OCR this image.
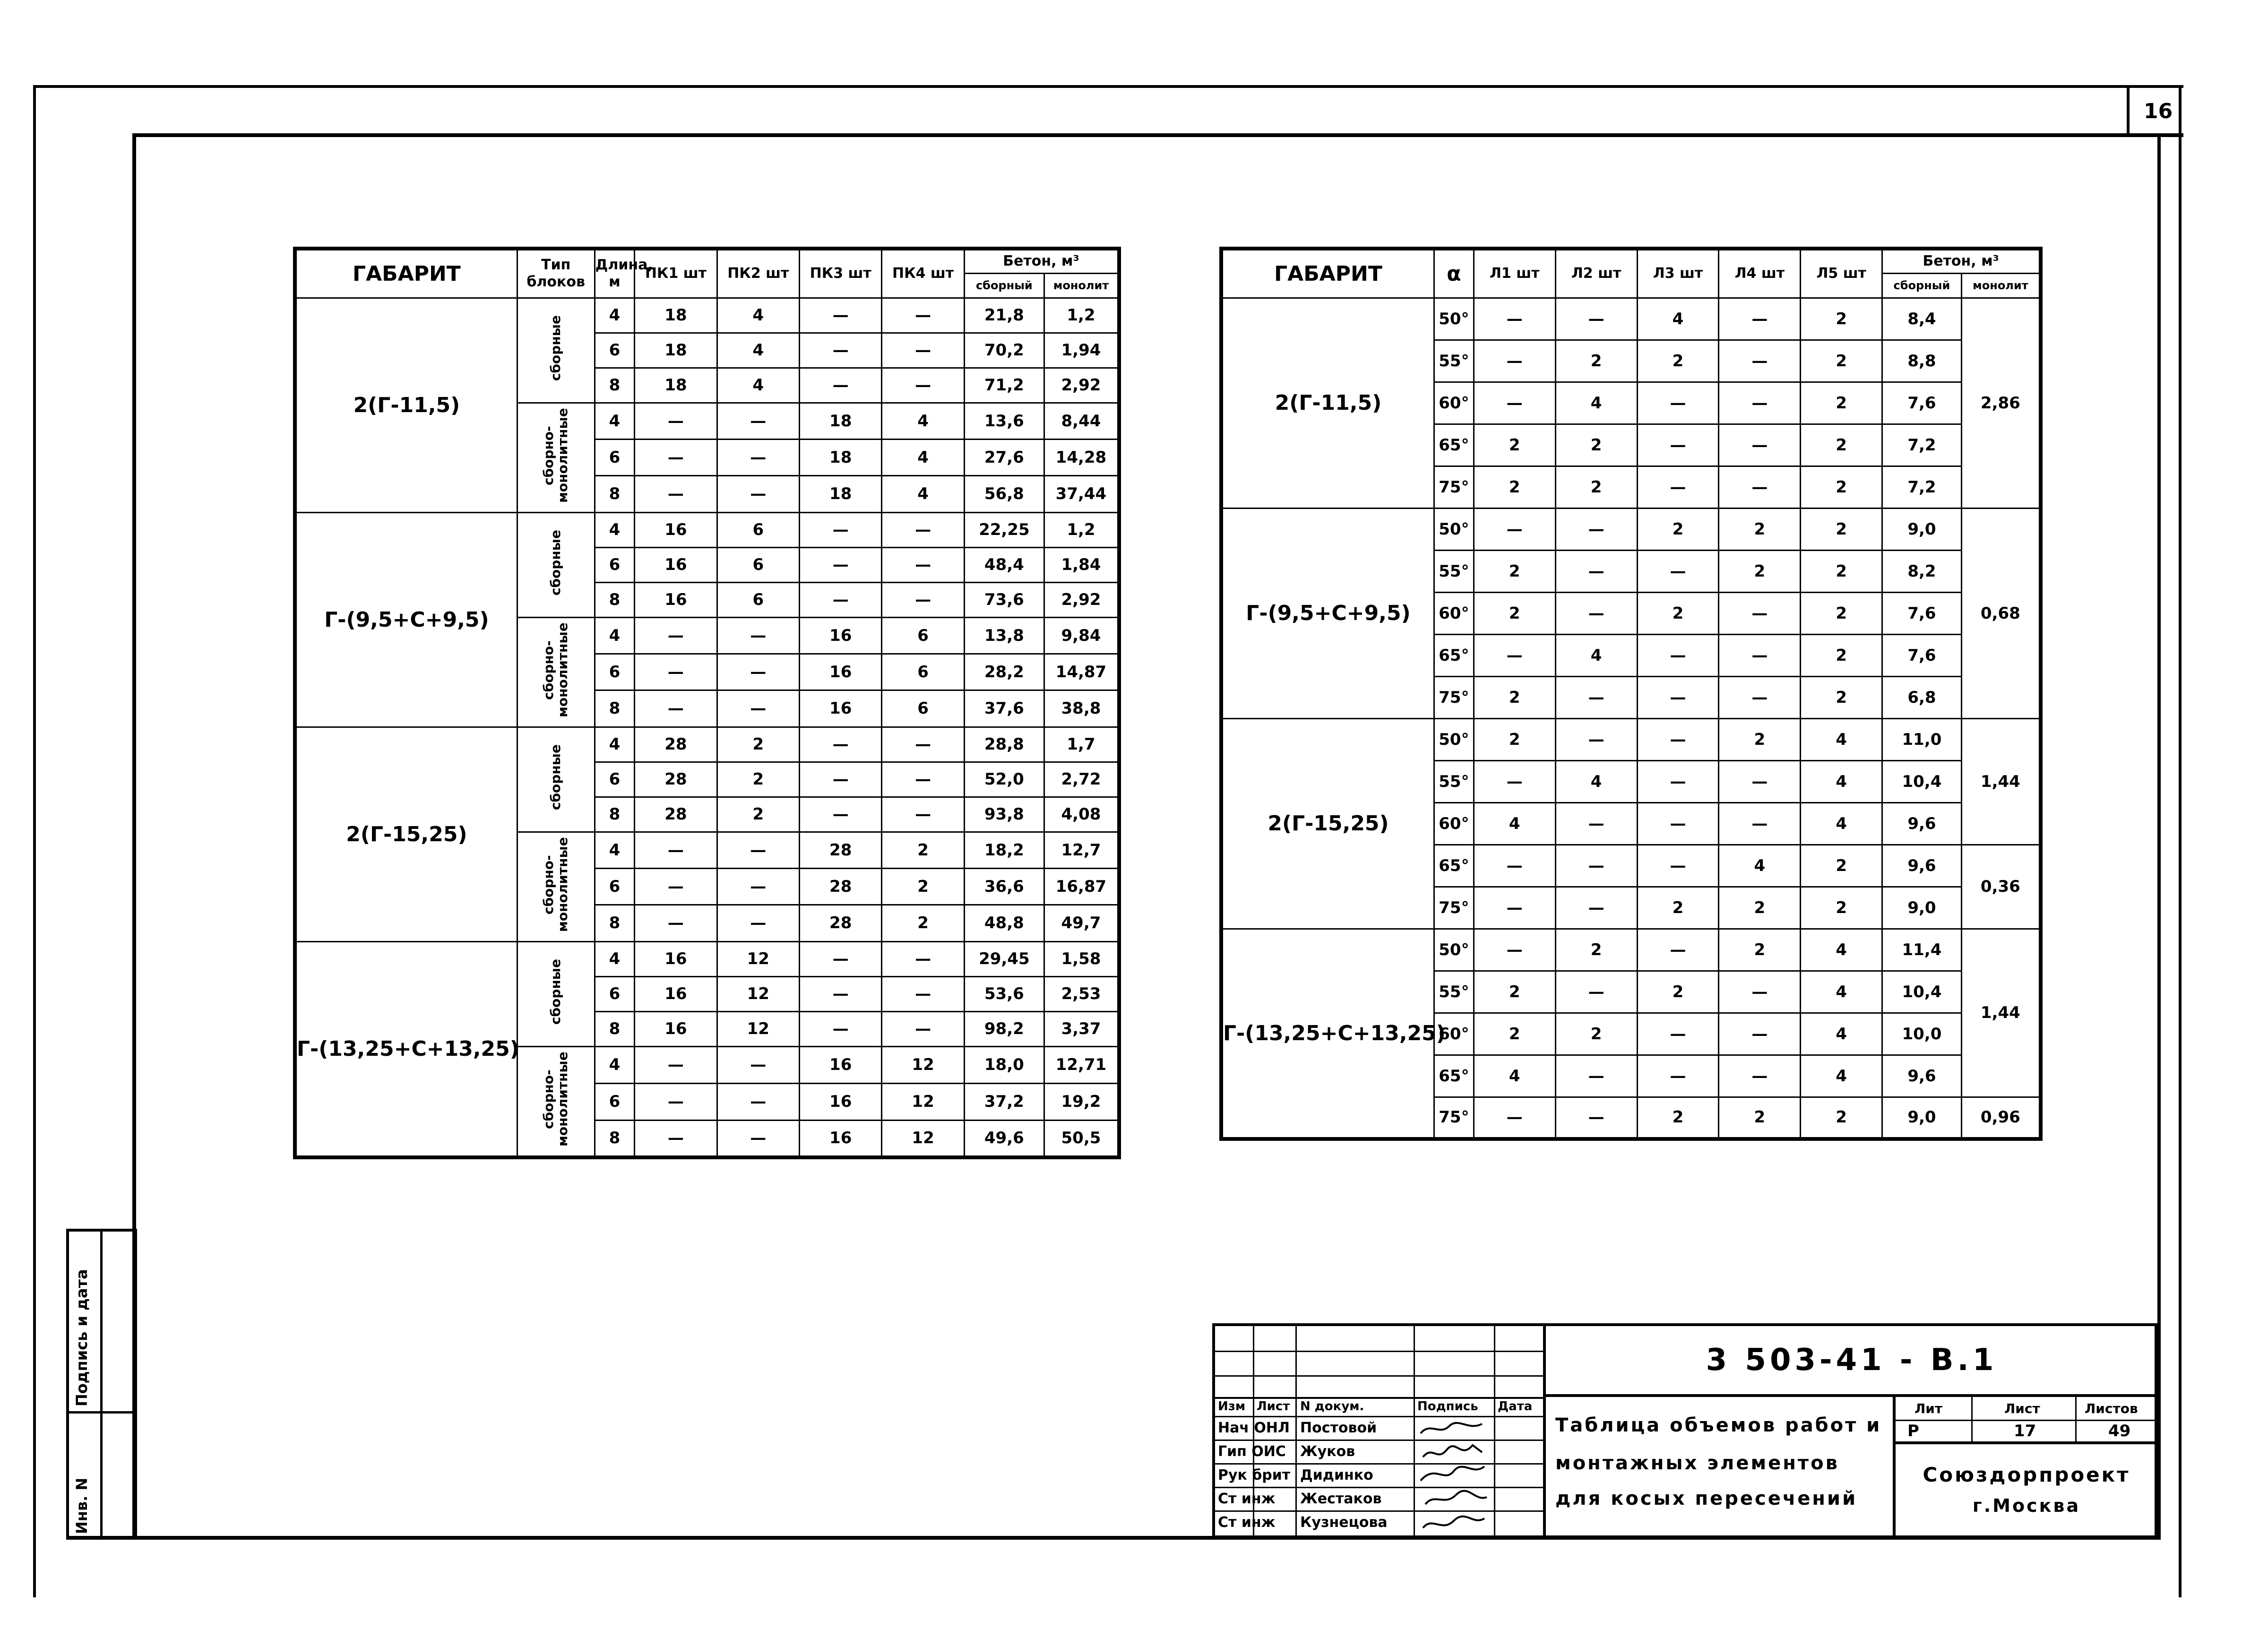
16
Инв. N
Подпись и дата
ГАБАРИТ	Тип блоков	Длина, м	ПК1 шт	ПК2 шт	ПК3 шт	ПК4 шт	Бетон, м³	
							сборный	монолит
2(Г-11,5)	сборные	4	18	4	—	—	21,8	1,2
		6	18	4	—	—	70,2	1,94
		8	18	4	—	—	71,2	2,92
	сборно-монолитные	4	—	—	18	4	13,6	8,44
		6	—	—	18	4	27,6	14,28
		8	—	—	18	4	56,8	37,44
Г-(9,5+С+9,5)	сборные	4	16	6	—	—	22,25	1,2
		6	16	6	—	—	48,4	1,84
		8	16	6	—	—	73,6	2,92
	сборно-монолитные	4	—	—	16	6	13,8	9,84
		6	—	—	16	6	28,2	14,87
		8	—	—	16	6	37,6	38,8
2(Г-15,25)	сборные	4	28	2	—	—	28,8	1,7
		6	28	2	—	—	52,0	2,72
		8	28	2	—	—	93,8	4,08
	сборно-монолитные	4	—	—	28	2	18,2	12,7
		6	—	—	28	2	36,6	16,87
		8	—	—	28	2	48,8	49,7
Г-(13,25+С+13,25)	сборные	4	16	12	—	—	29,45	1,58
		6	16	12	—	—	53,6	2,53
		8	16	12	—	—	98,2	3,37
	сборно-монолитные	4	—	—	16	12	18,0	12,71
		6	—	—	16	12	37,2	19,2
		8	—	—	16	12	49,6	50,5
ГАБАРИТ	α	Л1 шт	Л2 шт	Л3 шт	Л4 шт	Л5 шт	Бетон, м³	
							сборный	монолит
2(Г-11,5)	50°	—	—	4	—	2	8,4	2,86
	55°	—	2	2	—	2	8,8	
	60°	—	4	—	—	2	7,6	
	65°	2	2	—	—	2	7,2	
	75°	2	2	—	—	2	7,2	
Г-(9,5+С+9,5)	50°	—	—	2	2	2	9,0	0,68
	55°	2	—	—	2	2	8,2	
	60°	2	—	2	—	2	7,6	
	65°	—	4	—	—	2	7,6	
	75°	2	—	—	—	2	6,8	
2(Г-15,25)	50°	2	—	—	2	4	11,0	1,44
	55°	—	4	—	—	4	10,4	
	60°	4	—	—	—	4	9,6	
	65°	—	—	—	4	2	9,6	0,36
	75°	—	—	2	2	2	9,0	
Г-(13,25+С+13,25)	50°	—	2	—	2	4	11,4	1,44
	55°	2	—	2	—	4	10,4	
	60°	2	2	—	—	4	10,0	
	65°	4	—	—	—	4	9,6	
	75°	—	—	2	2	2	9,0	0,96
Изм Лист N докум.	Подпись Дата
Нач ОНЛ Постовой
Гип ОИС Жуков
Рук брит Дидинко
Ст инж Жестаков
Ст инж Кузнецова
3 503-41 - В.1
Таблица объемов работ и
монтажных элементов
для косых пересечений
Лит	Лист	Листов
Р	17	49
Союздорпроект
г.Москва
